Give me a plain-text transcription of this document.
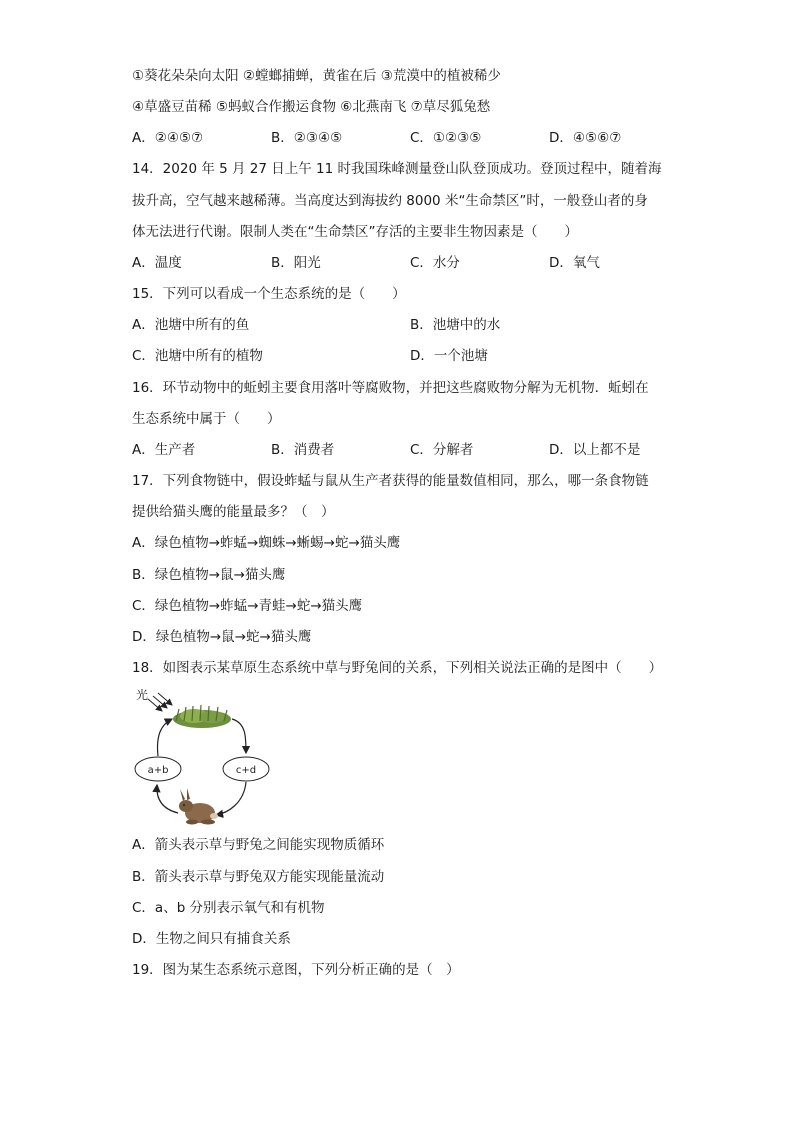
①葵花朵朵向太阳 ②螳螂捕蝉，黄雀在后 ③荒漠中的植被稀少
④草盛豆苗稀 ⑤蚂蚁合作搬运食物 ⑥北燕南飞 ⑦草尽狐兔愁
A．②④⑤⑦	B．②③④⑤	C．①②③⑤	D．④⑤⑥⑦
14．2020 年 5 月 27 日上午 11 时我国珠峰测量登山队登顶成功。登顶过程中，随着海
拔升高，空气越来越稀薄。当高度达到海拔约 8000 米“生命禁区”时，一般登山者的身
体无法进行代谢。限制人类在“生命禁区”存活的主要非生物因素是（　　）
A．温度	B．阳光	C．水分	D．氧气
15．下列可以看成一个生态系统的是（　　）
A．池塘中所有的鱼	B．池塘中的水
C．池塘中所有的植物	D．一个池塘
16．环节动物中的蚯蚓主要食用落叶等腐败物，并把这些腐败物分解为无机物．蚯蚓在
生态系统中属于（　　）
A．生产者	B．消费者	C．分解者	D．以上都不是
17．下列食物链中，假设蚱蜢与鼠从生产者获得的能量数值相同，那么，哪一条食物链
提供给猫头鹰的能量最多？（　）
A．绿色植物→蚱蜢→蜘蛛→蜥蜴→蛇→猫头鹰
B．绿色植物→鼠→猫头鹰
C．绿色植物→蚱蜢→青蛙→蛇→猫头鹰
D．绿色植物→鼠→蛇→猫头鹰
18．如图表示某草原生态系统中草与野兔间的关系，下列相关说法正确的是图中（　　）
光
a+b	c+d
A．箭头表示草与野兔之间能实现物质循环
B．箭头表示草与野兔双方能实现能量流动
C．a、b 分别表示氧气和有机物
D．生物之间只有捕食关系
19．图为某生态系统示意图，下列分析正确的是（　）
